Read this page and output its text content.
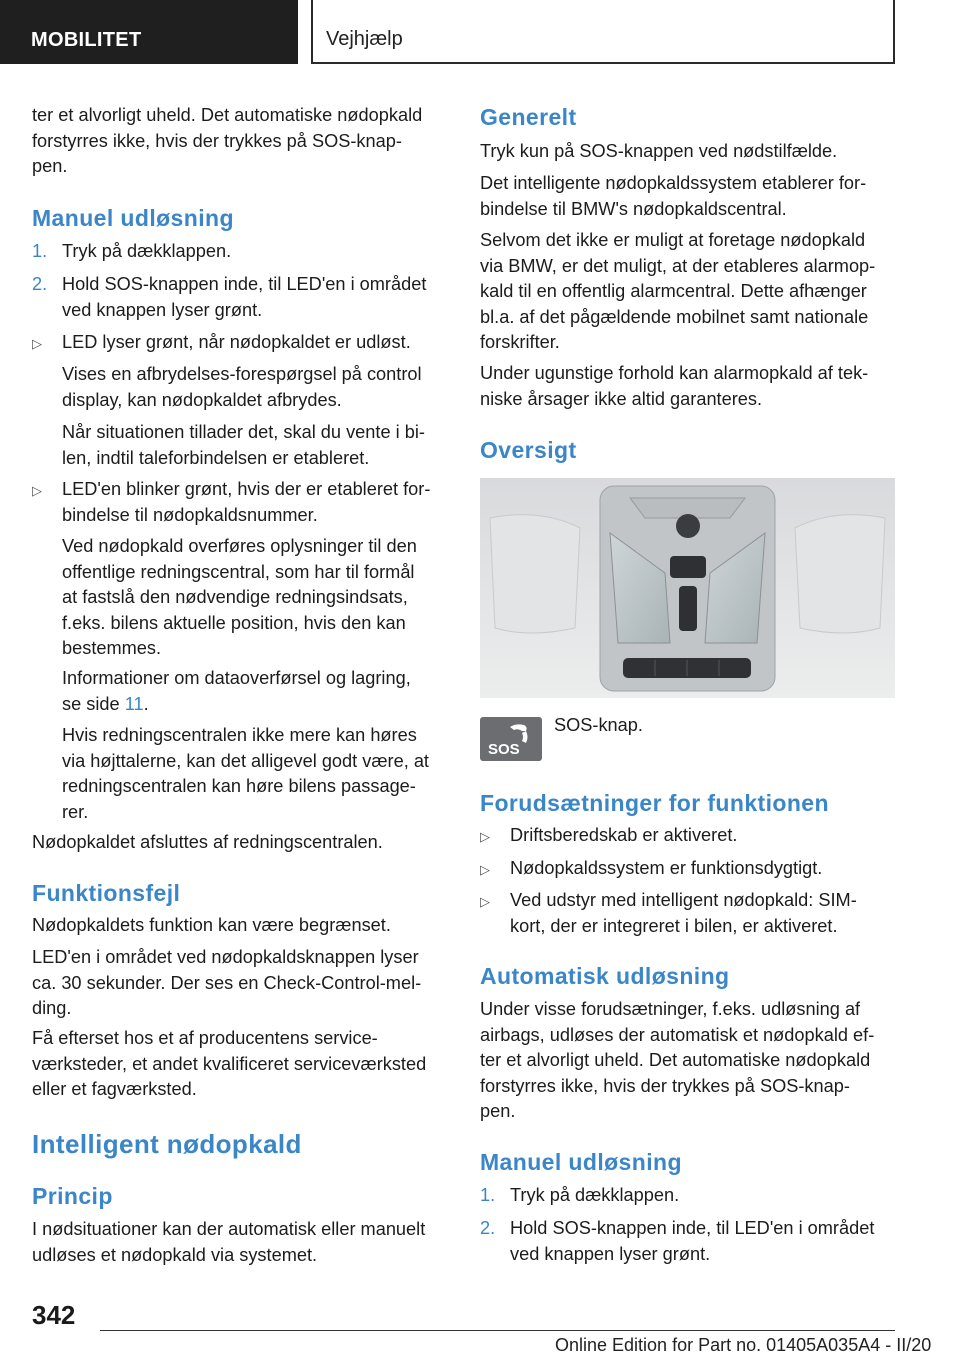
MOBILITET	Vejhjælp
ter et alvorligt uheld. Det automatiske nødopkald
forstyrres ikke, hvis der trykkes på SOS-knap-
pen.
Manuel udløsning
1. Tryk på dækklappen.
2. Hold SOS-knappen inde, til LED'en i området
ved knappen lyser grønt.
▷ LED lyser grønt, når nødopkaldet er udløst.
Vises en afbrydelses-forespørgsel på control
display, kan nødopkaldet afbrydes.
Når situationen tillader det, skal du vente i bi-
len, indtil taleforbindelsen er etableret.
▷ LED'en blinker grønt, hvis der er etableret for-
bindelse til nødopkaldsnummer.
Ved nødopkald overføres oplysninger til den
offentlige redningscentral, som har til formål
at fastslå den nødvendige redningsindsats,
f.eks. bilens aktuelle position, hvis den kan
bestemmes.
Informationer om dataoverførsel og lagring,
se side 11.
Hvis redningscentralen ikke mere kan høres
via højttalerne, kan det alligevel godt være, at
redningscentralen kan høre bilens passage-
rer.
Nødopkaldet afsluttes af redningscentralen.
Funktionsfejl
Nødopkaldets funktion kan være begrænset.
LED'en i området ved nødopkaldsknappen lyser
ca. 30 sekunder. Der ses en Check-Control-mel-
ding.
Få efterset hos et af producentens service-
værksteder, et andet kvalificeret serviceværksted
eller et fagværksted.
Intelligent nødopkald
Princip
I nødsituationer kan der automatisk eller manuelt
udløses et nødopkald via systemet.
Generelt
Tryk kun på SOS-knappen ved nødstilfælde.
Det intelligente nødopkaldssystem etablerer for-
bindelse til BMW's nødopkaldscentral.
Selvom det ikke er muligt at foretage nødopkald
via BMW, er det muligt, at der etableres alarmop-
kald til en offentlig alarmcentral. Dette afhænger
bl.a. af det pågældende mobilnet samt nationale
forskrifter.
Under ugunstige forhold kan alarmopkald af tek-
niske årsager ikke altid garanteres.
Oversigt
SOS
SOS-knap.
Forudsætninger for funktionen
▷ Driftsberedskab er aktiveret.
▷ Nødopkaldssystem er funktionsdygtigt.
▷ Ved udstyr med intelligent nødopkald: SIM-
kort, der er integreret i bilen, er aktiveret.
Automatisk udløsning
Under visse forudsætninger, f.eks. udløsning af
airbags, udløses der automatisk et nødopkald ef-
ter et alvorligt uheld. Det automatiske nødopkald
forstyrres ikke, hvis der trykkes på SOS-knap-
pen.
Manuel udløsning
1. Tryk på dækklappen.
2. Hold SOS-knappen inde, til LED'en i området
ved knappen lyser grønt.
342
Online Edition for Part no. 01405A035A4 - II/20
